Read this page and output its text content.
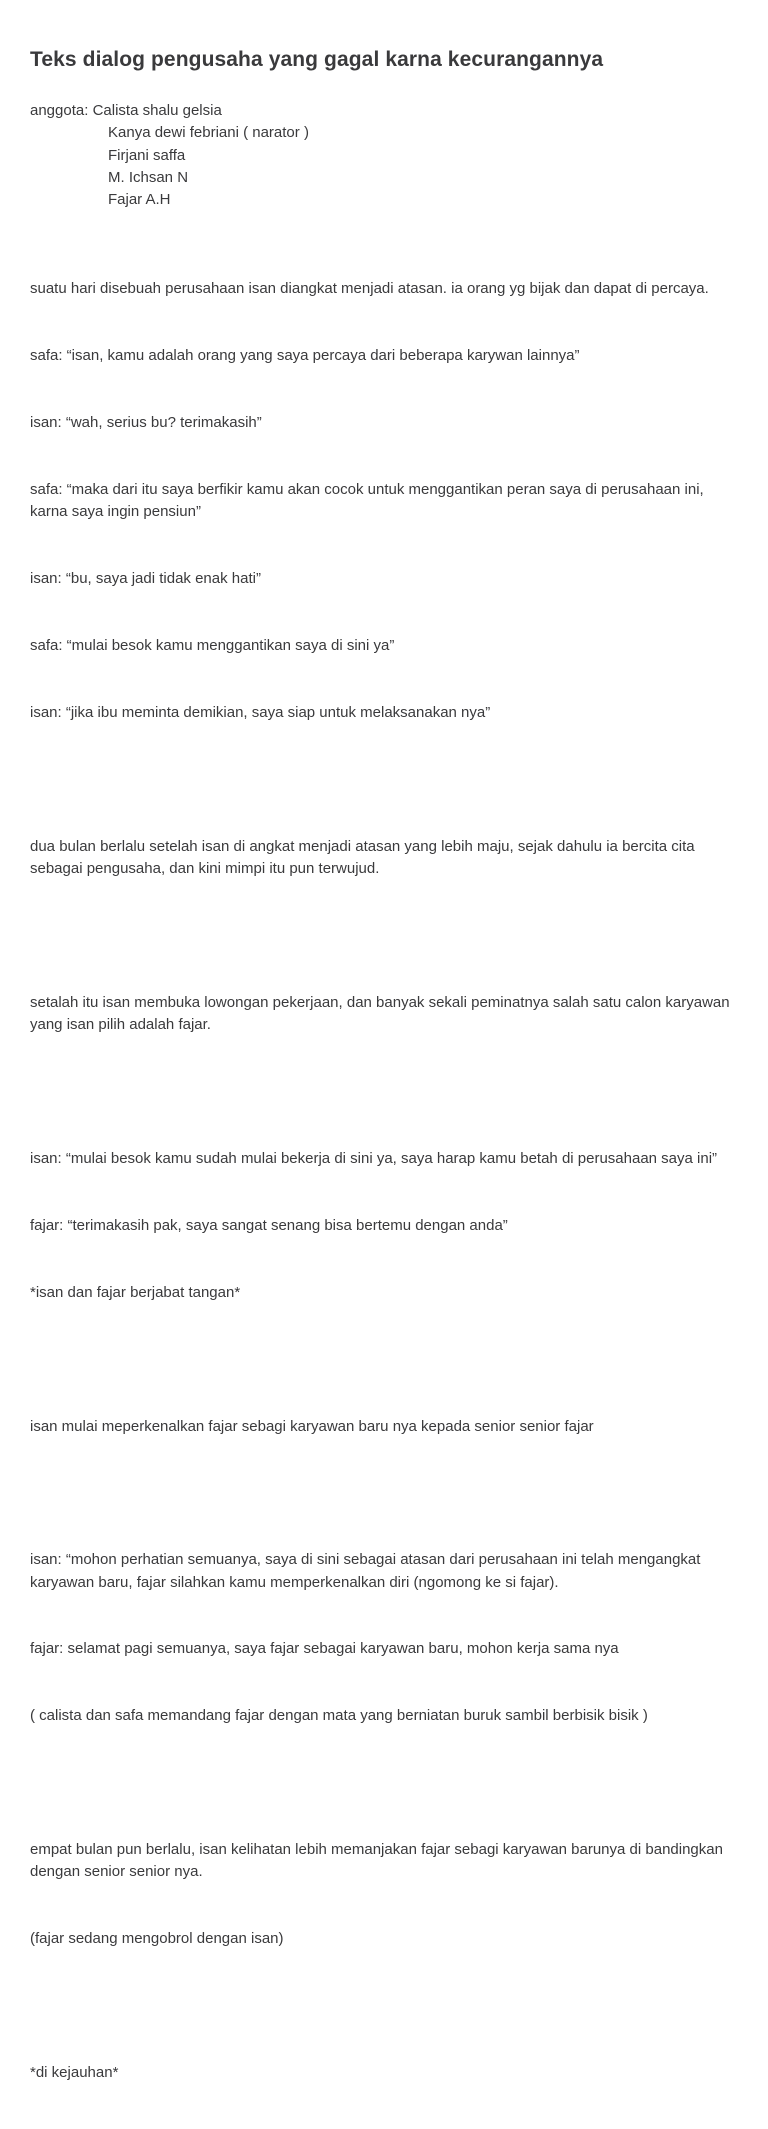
Teks dialog pengusaha yang gagal karna kecurangannya
anggota: Calista shalu gelsia
Kanya dewi febriani ( narator )
Firjani saffa
M. Ichsan N
Fajar A.H

suatu hari disebuah perusahaan isan diangkat menjadi atasan. ia orang yg bijak dan dapat di percaya.

safa: “isan, kamu adalah orang yang saya percaya dari beberapa karywan lainnya”

isan: “wah, serius bu? terimakasih”

safa: “maka dari itu saya berfikir kamu akan cocok untuk menggantikan peran saya di perusahaan ini, karna saya ingin pensiun”

isan: “bu, saya jadi tidak enak hati”

safa: “mulai besok kamu menggantikan saya di sini ya”

isan: “jika ibu meminta demikian, saya siap untuk melaksanakan nya”

dua bulan berlalu setelah isan di angkat menjadi atasan yang lebih maju, sejak dahulu ia bercita cita sebagai pengusaha, dan kini mimpi itu pun terwujud.

setalah itu isan membuka lowongan pekerjaan, dan banyak sekali peminatnya salah satu calon karyawan yang isan pilih adalah fajar.

isan: “mulai besok kamu sudah mulai bekerja di sini ya, saya harap kamu betah di perusahaan saya ini”

fajar: “terimakasih pak, saya sangat senang bisa bertemu dengan anda”

*isan dan fajar berjabat tangan*

isan mulai meperkenalkan fajar sebagi karyawan baru nya kepada senior senior fajar

isan: “mohon perhatian semuanya, saya di sini sebagai atasan dari perusahaan ini telah mengangkat karyawan baru, fajar silahkan kamu memperkenalkan diri (ngomong ke si fajar).

fajar: selamat pagi semuanya, saya fajar sebagai karyawan baru, mohon kerja sama nya

( calista dan safa memandang fajar dengan mata yang berniatan buruk sambil berbisik bisik )

empat bulan pun berlalu, isan kelihatan lebih memanjakan fajar sebagi karyawan barunya di bandingkan dengan senior senior nya.

(fajar sedang mengobrol dengan isan)

*di kejauhan*
